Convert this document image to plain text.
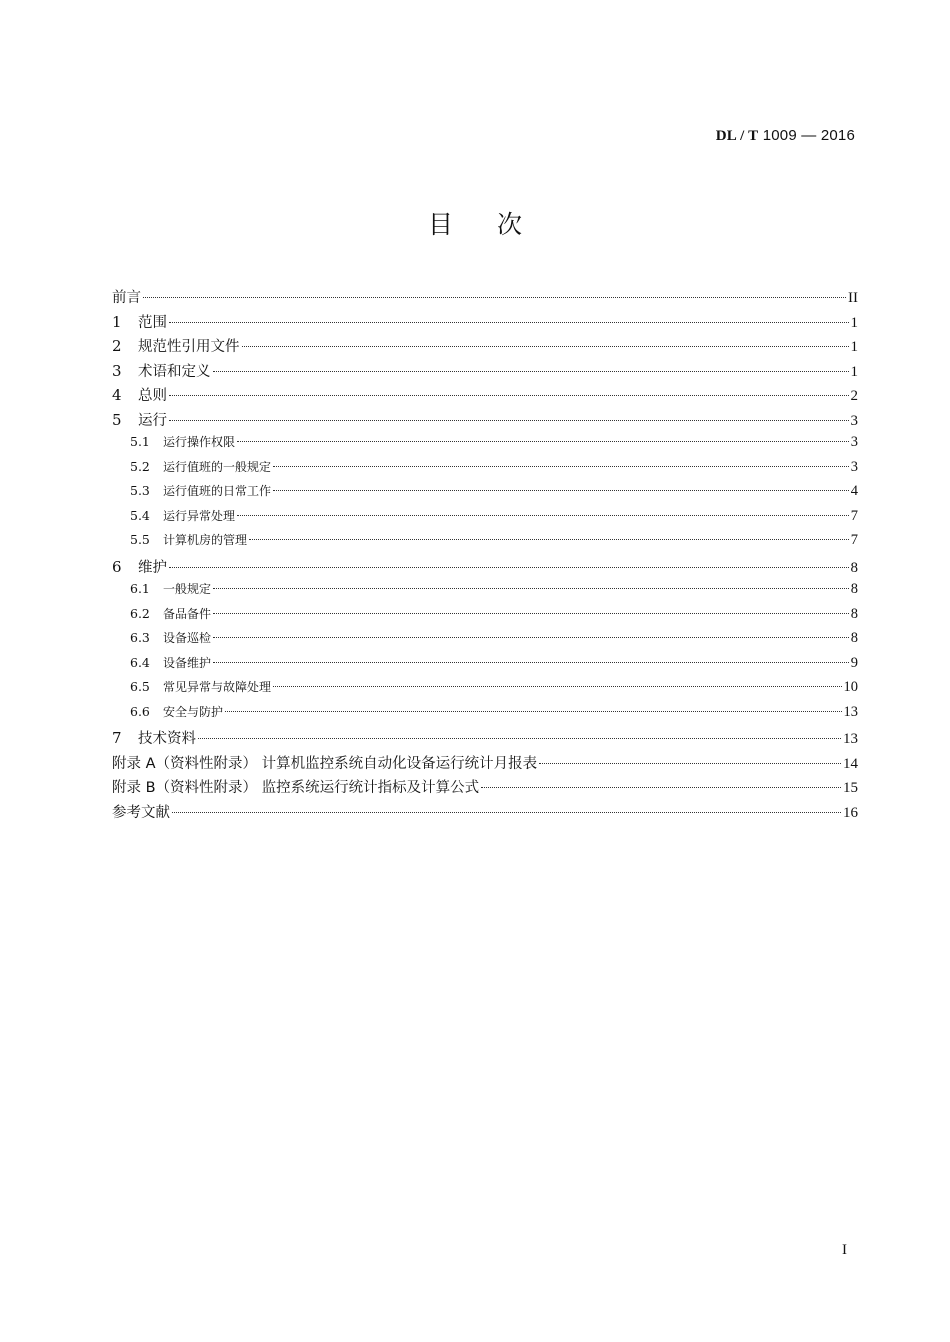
DL / T 1009 — 2016
目次
前言	II
1	范围	1
2	规范性引用文件	1
3	术语和定义	1
4	总则	2
5	运行	3
5.1	运行操作权限	3
5.2	运行值班的一般规定	3
5.3	运行值班的日常工作	4
5.4	运行异常处理	7
5.5	计算机房的管理	7
6	维护	8
6.1	一般规定	8
6.2	备品备件	8
6.3	设备巡检	8
6.4	设备维护	9
6.5	常见异常与故障处理	10
6.6	安全与防护	13
7	技术资料	13
附录 A（资料性附录） 计算机监控系统自动化设备运行统计月报表	14
附录 B（资料性附录） 监控系统运行统计指标及计算公式	15
参考文献	16
I
